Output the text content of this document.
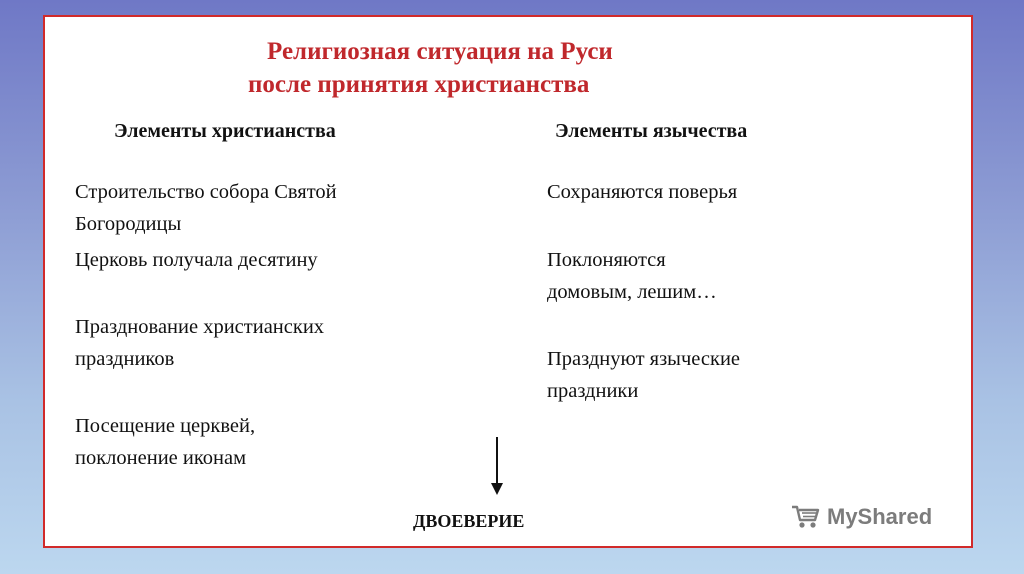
Религиозная ситуация на Руси
после принятия христианства
Элементы христианства	Элементы язычества
Строительство собора Святой
Богородицы
Церковь получала десятину
Празднование христианских
праздников
Посещение церквей,
поклонение иконам
Сохраняются поверья
Поклоняются
домовым, лешим…
Празднуют языческие
праздники
ДВОЕВЕРИЕ	MyShared
